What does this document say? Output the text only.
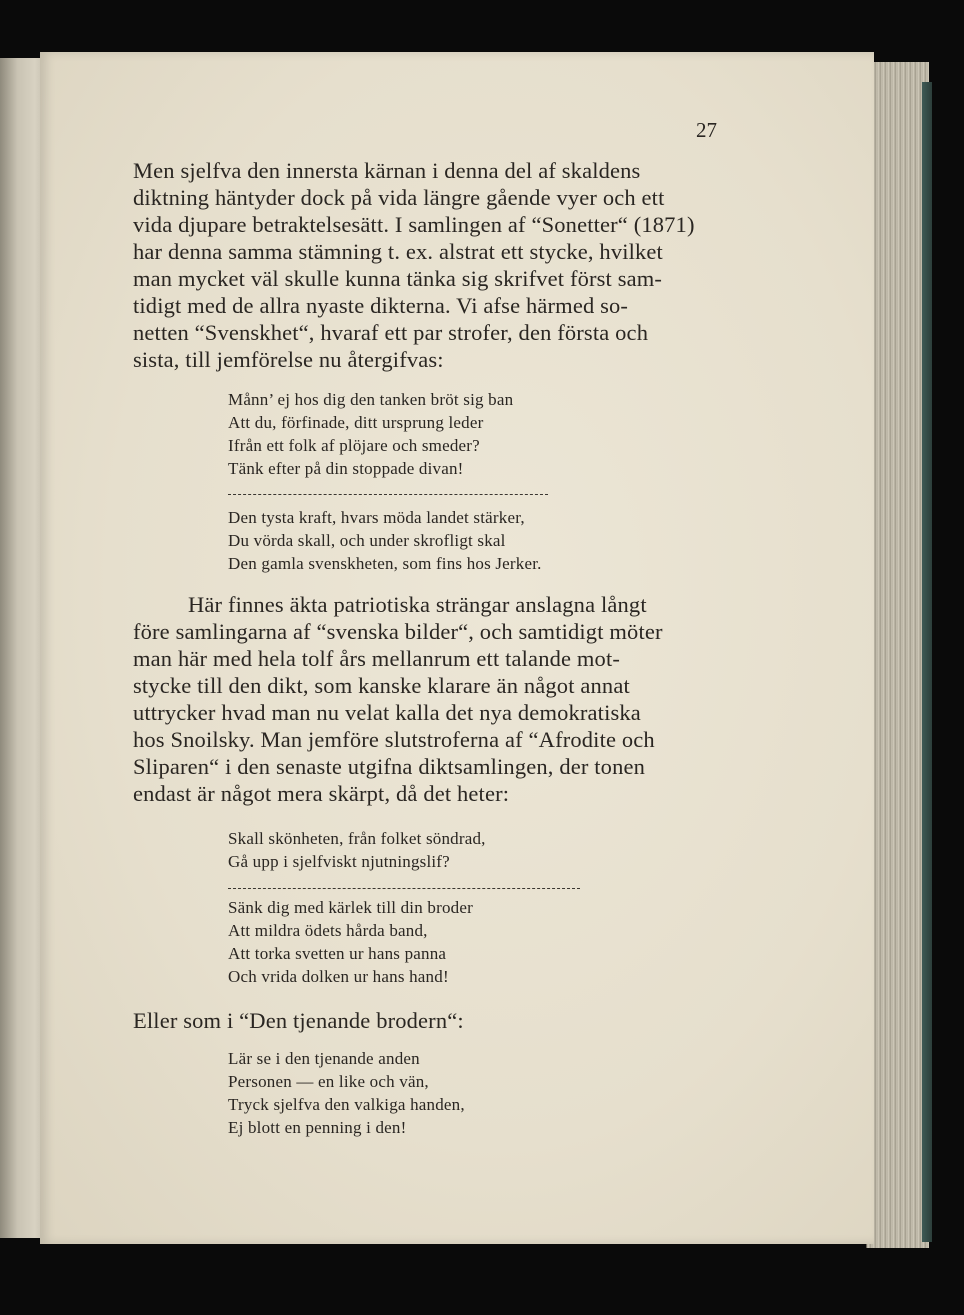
27

Men sjelfva den innersta kärnan i denna del af skaldens

diktning häntyder dock på vida längre gående vyer och ett

vida djupare betraktelsesätt. I samlingen af “Sonetter“ (1871)

har denna samma stämning t. ex. alstrat ett stycke, hvilket

man mycket väl skulle kunna tänka sig skrifvet först sam-

tidigt med de allra nyaste dikterna. Vi afse härmed so-

netten “Svenskhet“, hvaraf ett par strofer, den första och

sista, till jemförelse nu återgifvas:

Månn’ ej hos dig den tanken bröt sig ban

Att du, förfinade, ditt ursprung leder

Ifrån ett folk af plöjare och smeder?

Tänk efter på din stoppade divan!

Den tysta kraft, hvars möda landet stärker,

Du vörda skall, och under skrofligt skal

Den gamla svenskheten, som fins hos Jerker.

Här finnes äkta patriotiska strängar anslagna långt

före samlingarna af “svenska bilder“, och samtidigt möter

man här med hela tolf års mellanrum ett talande mot-

stycke till den dikt, som kanske klarare än något annat

uttrycker hvad man nu velat kalla det nya demokratiska

hos Snoilsky. Man jemföre slutstroferna af “Afrodite och

Sliparen“ i den senaste utgifna diktsamlingen, der tonen

endast är något mera skärpt, då det heter:

Skall skönheten, från folket söndrad,

Gå upp i sjelfviskt njutningslif?

Sänk dig med kärlek till din broder

Att mildra ödets hårda band,

Att torka svetten ur hans panna

Och vrida dolken ur hans hand!

Eller som i “Den tjenande brodern“:

Lär se i den tjenande anden

Personen — en like och vän,

Tryck sjelfva den valkiga handen,

Ej blott en penning i den!
